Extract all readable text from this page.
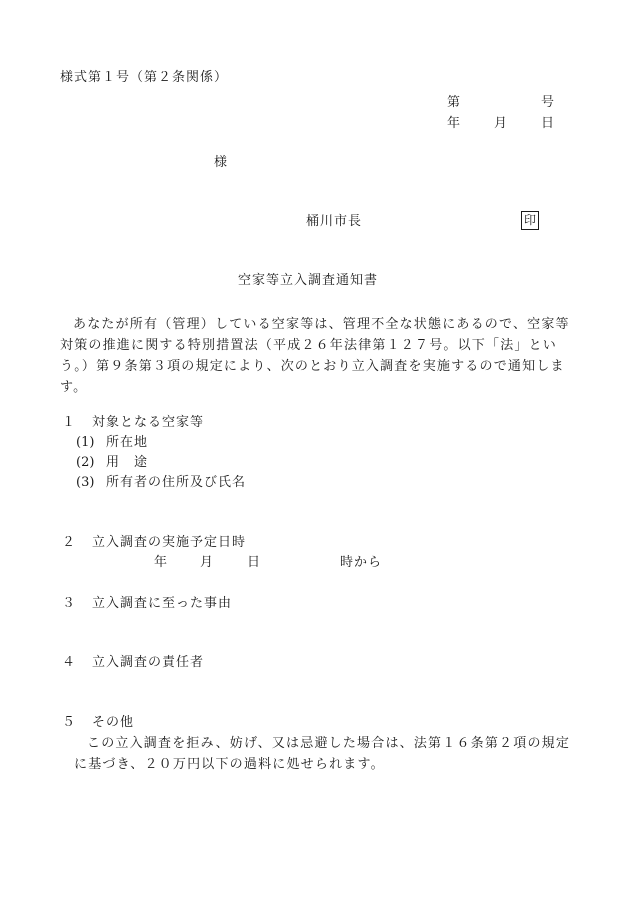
様式第１号（第２条関係）
第	号
年	月	日
様
桶川市長	印
空家等立入調査通知書
あなたが所有（管理）している空家等は、管理不全な状態にあるので、空家等対策の推進に関する特別措置法（平成２６年法律第１２７号。以下「法」という。）第９条第３項の規定により、次のとおり立入調査を実施するので通知します。
１ 対象となる空家等
(1) 所在地
(2) 用　途
(3) 所有者の住所及び氏名
２ 立入調査の実施予定日時
年	月	日	時から
３ 立入調査に至った事由
４ 立入調査の責任者
５ その他
この立入調査を拒み、妨げ、又は忌避した場合は、法第１６条第２項の規定に基づき、２０万円以下の過料に処せられます。
